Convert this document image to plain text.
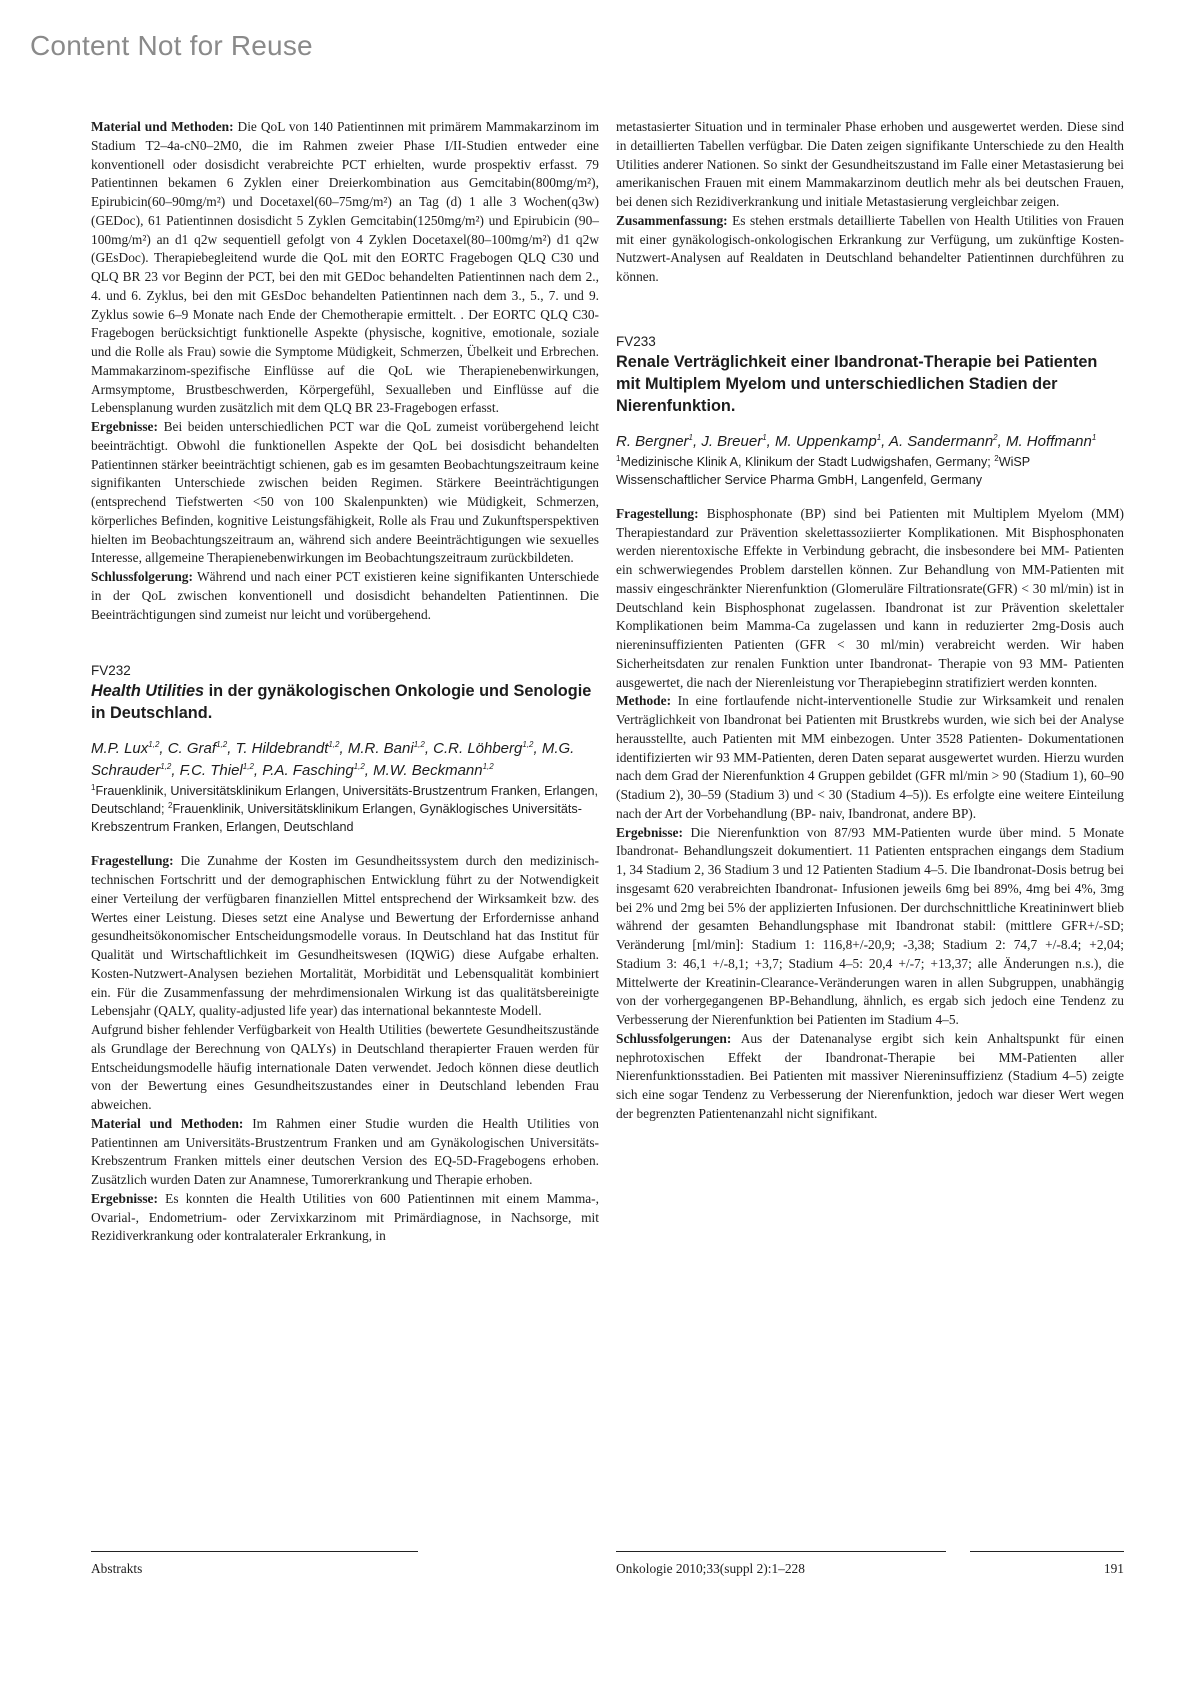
Content Not for Reuse

Material und Methoden: Die QoL von 140 Patientinnen mit primärem Mammakarzinom im Stadium T2–4a-cN0–2M0, die im Rahmen zweier Phase I/II-Studien entweder eine konventionell oder dosisdicht verabreichte PCT erhielten, wurde prospektiv erfasst. 79 Patientinnen bekamen 6 Zyklen einer Dreierkombination aus Gemcitabin(800mg/m²), Epirubicin(60–90mg/m²) und Docetaxel(60–75mg/m²) an Tag (d) 1 alle 3 Wochen(q3w) (GEDoc), 61 Patientinnen dosisdicht 5 Zyklen Gemcitabin(1250mg/m²) und Epirubicin (90–100mg/m²) an d1 q2w sequentiell gefolgt von 4 Zyklen Docetaxel(80–100mg/m²) d1 q2w (GEsDoc). Therapiebegleitend wurde die QoL mit den EORTC Fragebogen QLQ C30 und QLQ BR 23 vor Beginn der PCT, bei den mit GEDoc behandelten Patientinnen nach dem 2., 4. und 6. Zyklus, bei den mit GEsDoc behandelten Patientinnen nach dem 3., 5., 7. und 9. Zyklus sowie 6–9 Monate nach Ende der Chemotherapie ermittelt. . Der EORTC QLQ C30-Fragebogen berücksichtigt funktionelle Aspekte (physische, kognitive, emotionale, soziale und die Rolle als Frau) sowie die Symptome Müdigkeit, Schmerzen, Übelkeit und Erbrechen. Mammakarzinom-spezifische Einflüsse auf die QoL wie Therapienebenwirkungen, Armsymptome, Brustbeschwerden, Körpergefühl, Sexualleben und Einflüsse auf die Lebensplanung wurden zusätzlich mit dem QLQ BR 23-Fragebogen erfasst.

Ergebnisse: Bei beiden unterschiedlichen PCT war die QoL zumeist vorübergehend leicht beeinträchtigt. Obwohl die funktionellen Aspekte der QoL bei dosisdicht behandelten Patientinnen stärker beeinträchtigt schienen, gab es im gesamten Beobachtungszeitraum keine signifikanten Unterschiede zwischen beiden Regimen. Stärkere Beeinträchtigungen (entsprechend Tiefstwerten <50 von 100 Skalenpunkten) wie Müdigkeit, Schmerzen, körperliches Befinden, kognitive Leistungsfähigkeit, Rolle als Frau und Zukunftsperspektiven hielten im Beobachtungszeitraum an, während sich andere Beeinträchtigungen wie sexuelles Interesse, allgemeine Therapienebenwirkungen im Beobachtungszeitraum zurückbildeten.

Schlussfolgerung: Während und nach einer PCT existieren keine signifikanten Unterschiede in der QoL zwischen konventionell und dosisdicht behandelten Patientinnen. Die Beeinträchtigungen sind zumeist nur leicht und vorübergehend.

FV232

Health Utilities in der gynäkologischen Onkologie und Senologie in Deutschland.

M.P. Lux$^{1,2}$, C. Graf$^{1,2}$, T. Hildebrandt$^{1,2}$, M.R. Bani$^{1,2}$, C.R. Löhberg$^{1,2}$, M.G. Schrauder$^{1,2}$, F.C. Thiel$^{1,2}$, P.A. Fasching$^{1,2}$, M.W. Beckmann$^{1,2}$

$^1$Frauenklinik, Universitätsklinikum Erlangen, Universitäts-Brustzentrum Franken, Erlangen, Deutschland; $^2$Frauenklinik, Universitätsklinikum Erlangen, Gynäklogisches Universitäts-Krebszentrum Franken, Erlangen, Deutschland

Fragestellung: Die Zunahme der Kosten im Gesundheitssystem durch den medizinisch-technischen Fortschritt und der demographischen Entwicklung führt zu der Notwendigkeit einer Verteilung der verfügbaren finanziellen Mittel entsprechend der Wirksamkeit bzw. des Wertes einer Leistung. Dieses setzt eine Analyse und Bewertung der Erfordernisse anhand gesundheitsökonomischer Entscheidungsmodelle voraus. In Deutschland hat das Institut für Qualität und Wirtschaftlichkeit im Gesundheitswesen (IQWiG) diese Aufgabe erhalten. Kosten-Nutzwert-Analysen beziehen Mortalität, Morbidität und Lebensqualität kombiniert ein. Für die Zusammenfassung der mehrdimensionalen Wirkung ist das qualitätsbereinigte Lebensjahr (QALY, quality-adjusted life year) das international bekannteste Modell.

Aufgrund bisher fehlender Verfügbarkeit von Health Utilities (bewertete Gesundheitszustände als Grundlage der Berechnung von QALYs) in Deutschland therapierter Frauen werden für Entscheidungsmodelle häufig internationale Daten verwendet. Jedoch können diese deutlich von der Bewertung eines Gesundheitszustandes einer in Deutschland lebenden Frau abweichen.

Material und Methoden: Im Rahmen einer Studie wurden die Health Utilities von Patientinnen am Universitäts-Brustzentrum Franken und am Gynäkologischen Universitäts-Krebszentrum Franken mittels einer deutschen Version des EQ-5D-Fragebogens erhoben. Zusätzlich wurden Daten zur Anamnese, Tumorerkrankung und Therapie erhoben.

Ergebnisse: Es konnten die Health Utilities von 600 Patientinnen mit einem Mamma-, Ovarial-, Endometrium- oder Zervixkarzinom mit Primärdiagnose, in Nachsorge, mit Rezidiverkrankung oder kontralateraler Erkrankung, in

metastasierter Situation und in terminaler Phase erhoben und ausgewertet werden. Diese sind in detaillierten Tabellen verfügbar. Die Daten zeigen signifikante Unterschiede zu den Health Utilities anderer Nationen. So sinkt der Gesundheitszustand im Falle einer Metastasierung bei amerikanischen Frauen mit einem Mammakarzinom deutlich mehr als bei deutschen Frauen, bei denen sich Rezidiverkrankung und initiale Metastasierung vergleichbar zeigen.

Zusammenfassung: Es stehen erstmals detaillierte Tabellen von Health Utilities von Frauen mit einer gynäkologisch-onkologischen Erkrankung zur Verfügung, um zukünftige Kosten-Nutzwert-Analysen auf Realdaten in Deutschland behandelter Patientinnen durchführen zu können.

FV233

Renale Verträglichkeit einer Ibandronat-Therapie bei Patienten mit Multiplem Myelom und unterschiedlichen Stadien der Nierenfunktion.

R. Bergner$^1$, J. Breuer$^1$, M. Uppenkamp$^1$, A. Sandermann$^2$, M. Hoffmann$^1$

$^1$Medizinische Klinik A, Klinikum der Stadt Ludwigshafen, Germany; $^2$WiSP Wissenschaftlicher Service Pharma GmbH, Langenfeld, Germany

Fragestellung: Bisphosphonate (BP) sind bei Patienten mit Multiplem Myelom (MM) Therapiestandard zur Prävention skelettassoziierter Komplikationen. Mit Bisphosphonaten werden nierentoxische Effekte in Verbindung gebracht, die insbesondere bei MM- Patienten ein schwerwiegendes Problem darstellen können. Zur Behandlung von MM-Patienten mit massiv eingeschränkter Nierenfunktion (Glomeruläre Filtrationsrate(GFR) < 30 ml/min) ist in Deutschland kein Bisphosphonat zugelassen. Ibandronat ist zur Prävention skelettaler Komplikationen beim Mamma-Ca zugelassen und kann in reduzierter 2mg-Dosis auch niereninsuffizienten Patienten (GFR < 30 ml/min) verabreicht werden. Wir haben Sicherheitsdaten zur renalen Funktion unter Ibandronat- Therapie von 93 MM- Patienten ausgewertet, die nach der Nierenleistung vor Therapiebeginn stratifiziert werden konnten.

Methode: In eine fortlaufende nicht-interventionelle Studie zur Wirksamkeit und renalen Verträglichkeit von Ibandronat bei Patienten mit Brustkrebs wurden, wie sich bei der Analyse herausstellte, auch Patienten mit MM einbezogen. Unter 3528 Patienten- Dokumentationen identifizierten wir 93 MM-Patienten, deren Daten separat ausgewertet wurden. Hierzu wurden nach dem Grad der Nierenfunktion 4 Gruppen gebildet (GFR ml/min > 90 (Stadium 1), 60–90 (Stadium 2), 30–59 (Stadium 3) und < 30 (Stadium 4–5)). Es erfolgte eine weitere Einteilung nach der Art der Vorbehandlung (BP- naiv, Ibandronat, andere BP).

Ergebnisse: Die Nierenfunktion von 87/93 MM-Patienten wurde über mind. 5 Monate Ibandronat- Behandlungszeit dokumentiert. 11 Patienten entsprachen eingangs dem Stadium 1, 34 Stadium 2, 36 Stadium 3 und 12 Patienten Stadium 4–5. Die Ibandronat-Dosis betrug bei insgesamt 620 verabreichten Ibandronat- Infusionen jeweils 6mg bei 89%, 4mg bei 4%, 3mg bei 2% und 2mg bei 5% der applizierten Infusionen. Der durchschnittliche Kreatininwert blieb während der gesamten Behandlungsphase mit Ibandronat stabil: (mittlere GFR+/-SD; Veränderung [ml/min]: Stadium 1: 116,8+/-20,9; -3,38; Stadium 2: 74,7 +/-8.4; +2,04; Stadium 3: 46,1 +/-8,1; +3,7; Stadium 4–5: 20,4 +/-7; +13,37; alle Änderungen n.s.), die Mittelwerte der Kreatinin-Clearance-Veränderungen waren in allen Subgruppen, unabhängig von der vorhergegangenen BP-Behandlung, ähnlich, es ergab sich jedoch eine Tendenz zu Verbesserung der Nierenfunktion bei Patienten im Stadium 4–5.

Schlussfolgerungen: Aus der Datenanalyse ergibt sich kein Anhaltspunkt für einen nephrotoxischen Effekt der Ibandronat-Therapie bei MM-Patienten aller Nierenfunktionsstadien. Bei Patienten mit massiver Niereninsuffizienz (Stadium 4–5) zeigte sich eine sogar Tendenz zu Verbesserung der Nierenfunktion, jedoch war dieser Wert wegen der begrenzten Patientenanzahl nicht signifikant.

Abstrakts	Onkologie 2010;33(suppl 2):1–228	191
